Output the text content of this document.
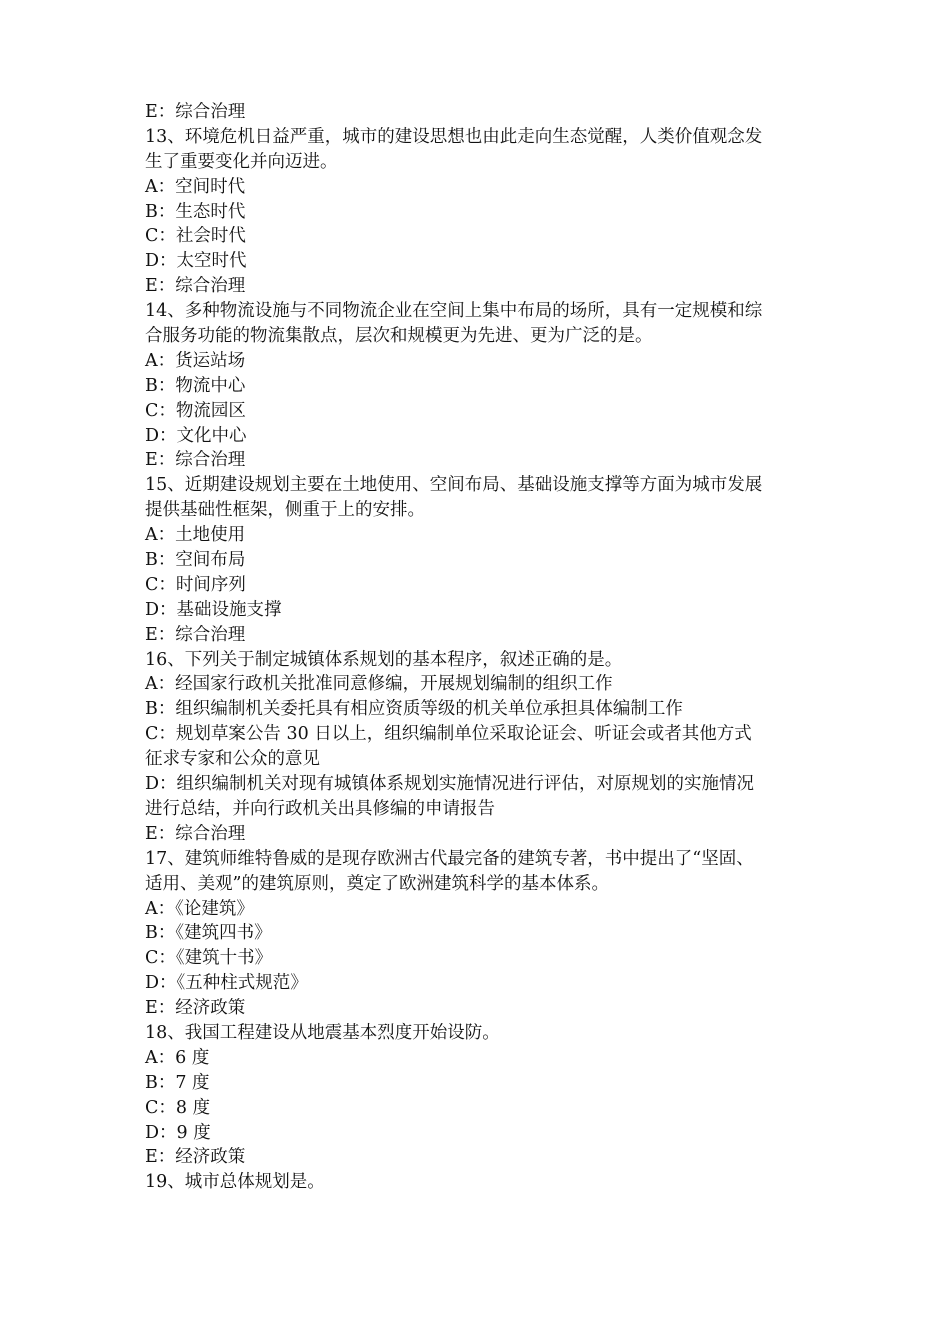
E：综合治理
13、环境危机日益严重，城市的建设思想也由此走向生态觉醒，人类价值观念发
生了重要变化并向迈进。
A：空间时代
B：生态时代
C：社会时代
D：太空时代
E：综合治理
14、多种物流设施与不同物流企业在空间上集中布局的场所，具有一定规模和综
合服务功能的物流集散点，层次和规模更为先进、更为广泛的是。
A：货运站场
B：物流中心
C：物流园区
D：文化中心
E：综合治理
15、近期建设规划主要在土地使用、空间布局、基础设施支撑等方面为城市发展
提供基础性框架，侧重于上的安排。
A：土地使用
B：空间布局
C：时间序列
D：基础设施支撑
E：综合治理
16、下列关于制定城镇体系规划的基本程序，叙述正确的是。
A：经国家行政机关批准同意修编，开展规划编制的组织工作
B：组织编制机关委托具有相应资质等级的机关单位承担具体编制工作
C：规划草案公告 30 日以上，组织编制单位采取论证会、听证会或者其他方式
征求专家和公众的意见
D：组织编制机关对现有城镇体系规划实施情况进行评估，对原规划的实施情况
进行总结，并向行政机关出具修编的申请报告
E：综合治理
17、建筑师维特鲁威的是现存欧洲古代最完备的建筑专著，书中提出了“坚固、
适用、美观”的建筑原则，奠定了欧洲建筑科学的基本体系。
A：《论建筑》
B：《建筑四书》
C：《建筑十书》
D：《五种柱式规范》
E：经济政策
18、我国工程建设从地震基本烈度开始设防。
A：6 度
B：7 度
C：8 度
D：9 度
E：经济政策
19、城市总体规划是。
